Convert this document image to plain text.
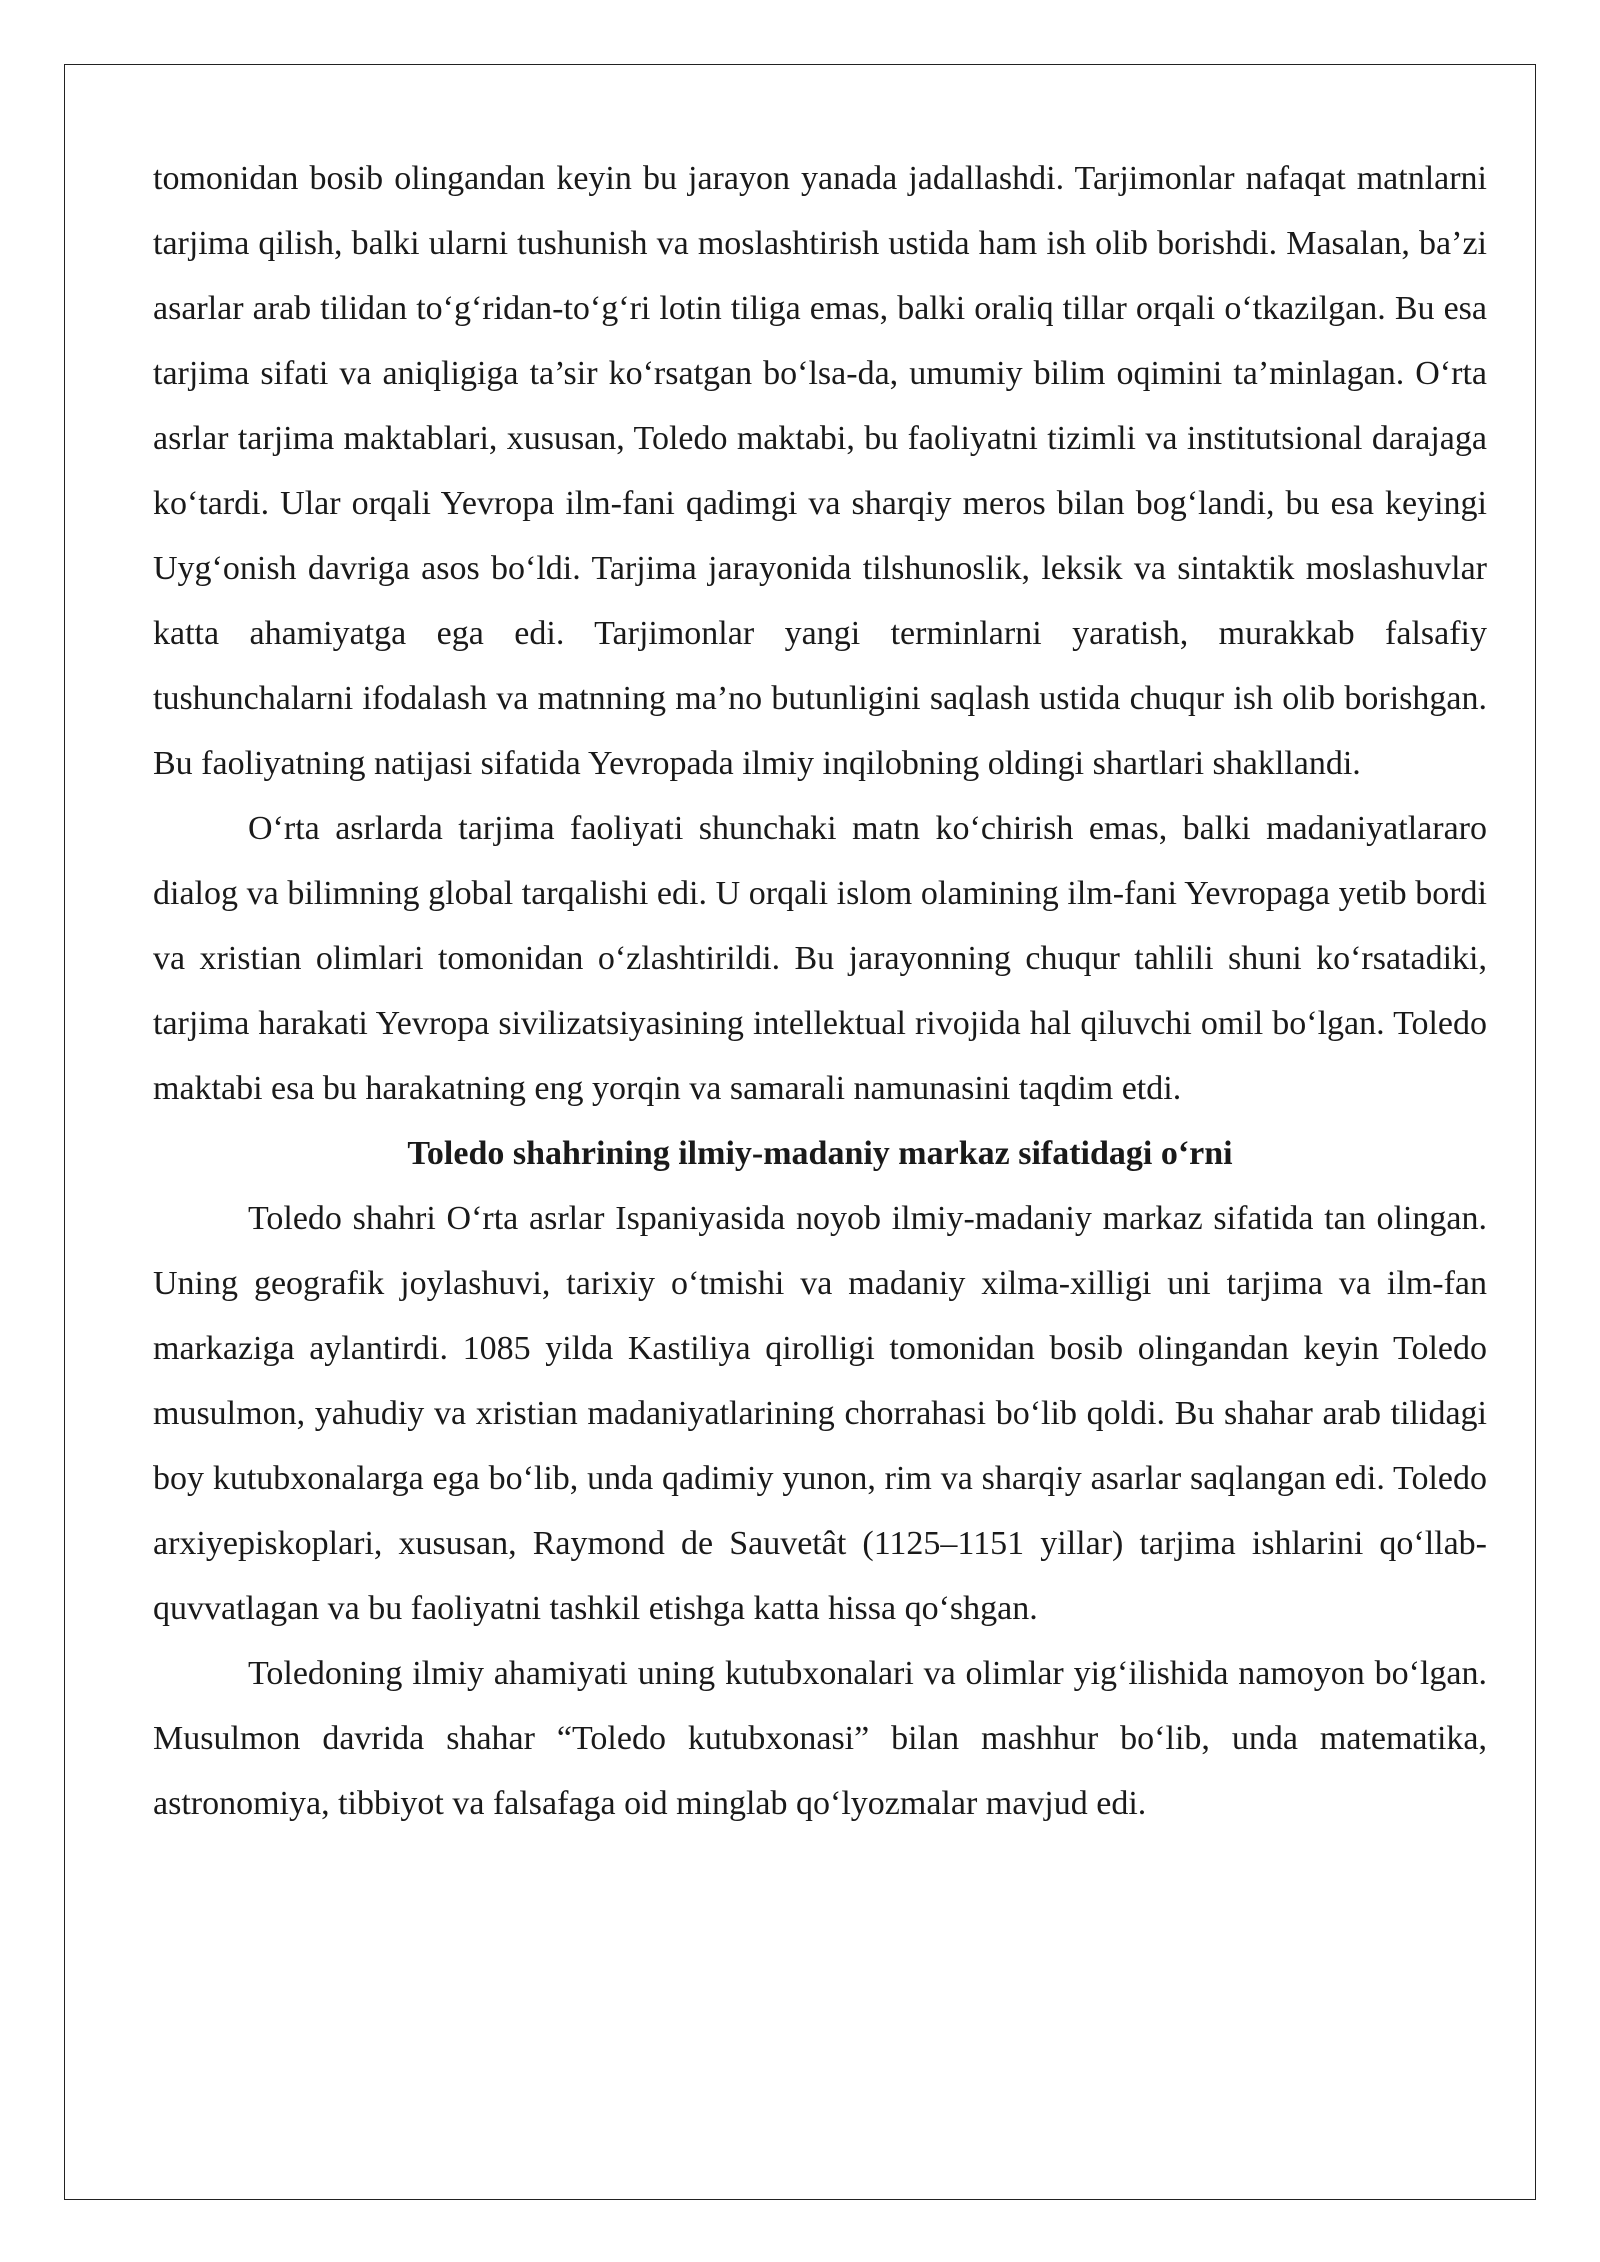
tomonidan bosib olingandan keyin bu jarayon yanada jadallashdi. Tarjimonlar nafaqat matnlarni tarjima qilish, balki ularni tushunish va moslashtirish ustida ham ish olib borishdi. Masalan, ba’zi asarlar arab tilidan to‘g‘ridan-to‘g‘ri lotin tiliga emas, balki oraliq tillar orqali o‘tkazilgan. Bu esa tarjima sifati va aniqligiga ta’sir ko‘rsatgan bo‘lsa-da, umumiy bilim oqimini ta’minlagan. O‘rta asrlar tarjima maktablari, xususan, Toledo maktabi, bu faoliyatni tizimli va institutsional darajaga ko‘tardi. Ular orqali Yevropa ilm-fani qadimgi va sharqiy meros bilan bog‘landi, bu esa keyingi Uyg‘onish davriga asos bo‘ldi. Tarjima jarayonida tilshunoslik, leksik va sintaktik moslashuvlar katta ahamiyatga ega edi. Tarjimonlar yangi terminlarni yaratish, murakkab falsafiy tushunchalarni ifodalash va matnning ma’no butunligini saqlash ustida chuqur ish olib borishgan. Bu faoliyatning natijasi sifatida Yevropada ilmiy inqilobning oldingi shartlari shakllandi.

O‘rta asrlarda tarjima faoliyati shunchaki matn ko‘chirish emas, balki madaniyatlararo dialog va bilimning global tarqalishi edi. U orqali islom olamining ilm-fani Yevropaga yetib bordi va xristian olimlari tomonidan o‘zlashtirildi. Bu jarayonning chuqur tahlili shuni ko‘rsatadiki, tarjima harakati Yevropa sivilizatsiyasining intellektual rivojida hal qiluvchi omil bo‘lgan. Toledo maktabi esa bu harakatning eng yorqin va samarali namunasini taqdim etdi.

Toledo shahrining ilmiy-madaniy markaz sifatidagi o‘rni

Toledo shahri O‘rta asrlar Ispaniyasida noyob ilmiy-madaniy markaz sifatida tan olingan. Uning geografik joylashuvi, tarixiy o‘tmishi va madaniy xilma-xilligi uni tarjima va ilm-fan markaziga aylantirdi. 1085 yilda Kastiliya qirolligi tomonidan bosib olingandan keyin Toledo musulmon, yahudiy va xristian madaniyatlarining chorrahasi bo‘lib qoldi. Bu shahar arab tilidagi boy kutubxonalarga ega bo‘lib, unda qadimiy yunon, rim va sharqiy asarlar saqlangan edi. Toledo arxiyepiskoplari, xususan, Raymond de Sauvetât (1125–1151 yillar) tarjima ishlarini qo‘llab-quvvatlagan va bu faoliyatni tashkil etishga katta hissa qo‘shgan.

Toledoning ilmiy ahamiyati uning kutubxonalari va olimlar yig‘ilishida namoyon bo‘lgan. Musulmon davrida shahar “Toledo kutubxonasi” bilan mashhur bo‘lib, unda matematika, astronomiya, tibbiyot va falsafaga oid minglab qo‘lyozmalar mavjud edi.
